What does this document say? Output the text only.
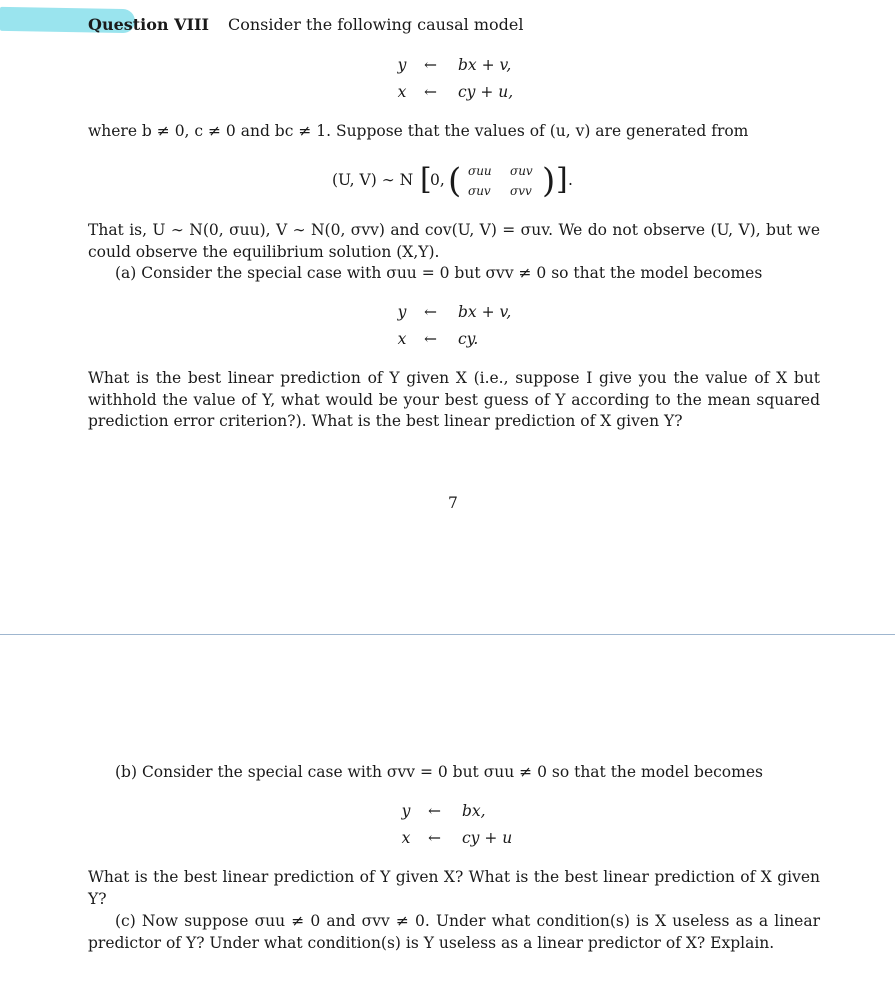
Question VIII Consider the following causal model
y ← bx + v,
x ← cy + u,
where b ≠ 0, c ≠ 0 and bc ≠ 1. Suppose that the values of (u, v) are generated from
(U, V) ∼ N [
0, ( σuu σuv
σuv σvv ) ] .
That is, U ∼ N(0, σuu), V ∼ N(0, σvv) and cov(U, V) = σuv. We do not observe (U, V), but we could observe the equilibrium solution (X,Y).
(a) Consider the special case with σuu = 0 but σvv ≠ 0 so that the model becomes
y ← bx + v,
x ← cy.
What is the best linear prediction of Y given X (i.e., suppose I give you the value of X but withhold the value of Y, what would be your best guess of Y according to the mean squared prediction error criterion?). What is the best linear prediction of X given Y?
7
(b) Consider the special case with σvv = 0 but σuu ≠ 0 so that the model becomes
y ← bx,
x ← cy + u
What is the best linear prediction of Y given X? What is the best linear prediction of X given Y?
(c) Now suppose σuu ≠ 0 and σvv ≠ 0. Under what condition(s) is X useless as a linear predictor of Y? Under what condition(s) is Y useless as a linear predictor of X? Explain.
